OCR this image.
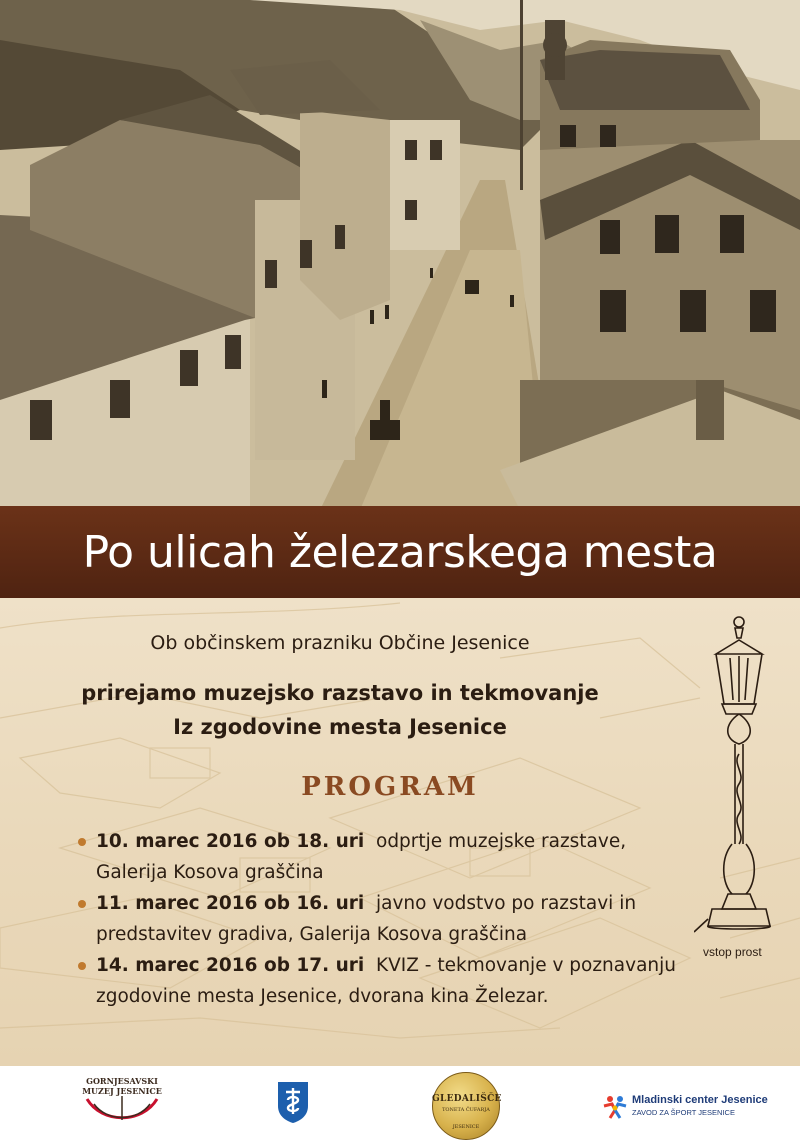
Po ulicah železarskega mesta
Ob občinskem prazniku Občine Jesenice
prirejamo muzejsko razstavo in tekmovanje
Iz zgodovine mesta Jesenice
PROGRAM
10. marec 2016 ob 18. uri odprtje muzejske razstave, Galerija Kosova graščina
11. marec 2016 ob 16. uri javno vodstvo po razstavi in predstavitev gradiva, Galerija Kosova graščina
14. marec 2016 ob 17. uri KVIZ - tekmovanje v poznavanju zgodovine mesta Jesenice, dvorana kina Železar.
vstop prost
GORNJESAVSKI
MUZEJ JESENICE
GLEDALIŠČE
TONETA ČUFARJA
JESENICE
Mladinski center Jesenice
ZAVOD ZA ŠPORT JESENICE
